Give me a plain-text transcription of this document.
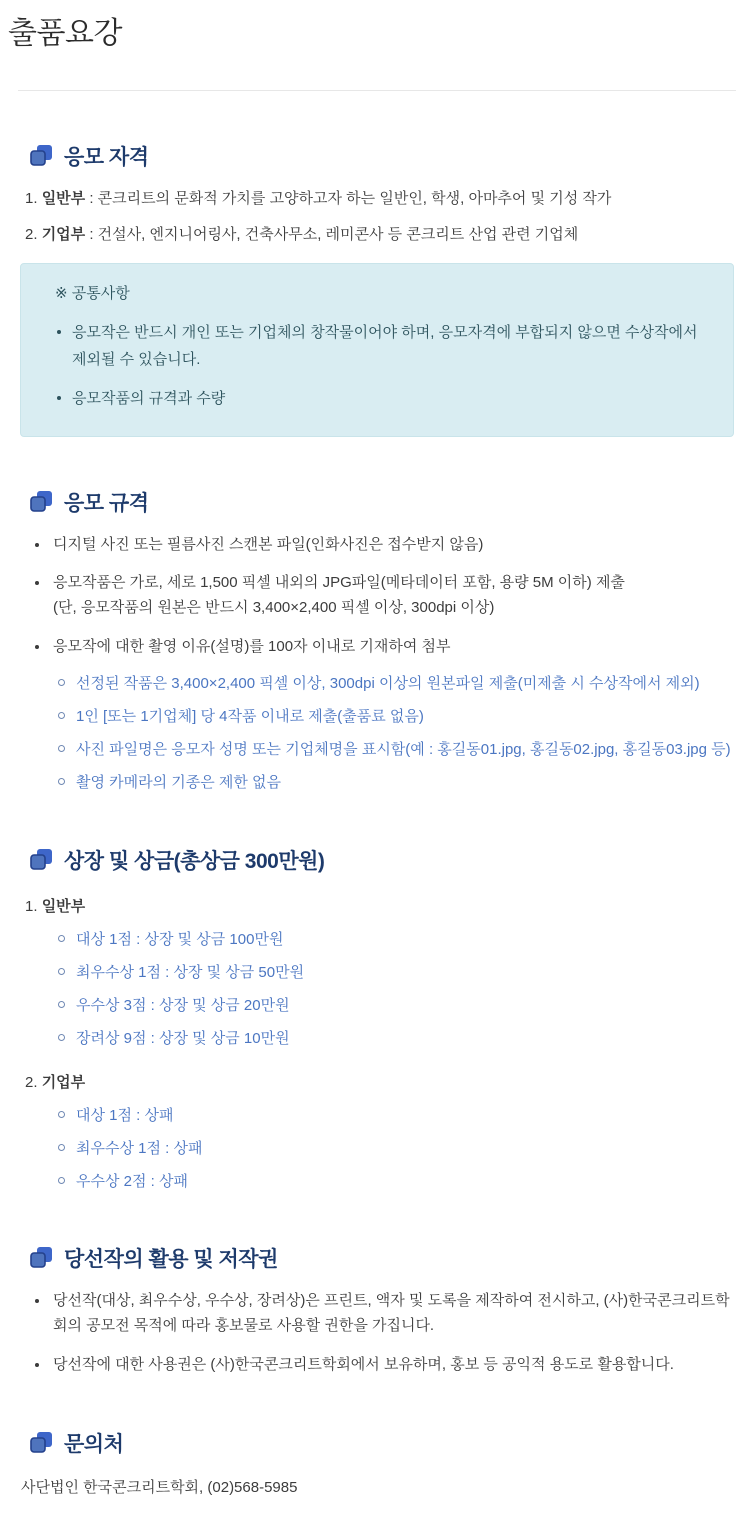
출품요강
응모 자격
1. 일반부 : 콘크리트의 문화적 가치를 고양하고자 하는 일반인, 학생, 아마추어 및 기성 작가
2. 기업부 : 건설사, 엔지니어링사, 건축사무소, 레미콘사 등 콘크리트 산업 관련 기업체
※ 공통사항
응모작은 반드시 개인 또는 기업체의 창작물이어야 하며, 응모자격에 부합되지 않으면 수상작에서 제외될 수 있습니다.
응모작품의 규격과 수량
응모 규격
디지털 사진 또는 필름사진 스캔본 파일(인화사진은 접수받지 않음)
응모작품은 가로, 세로 1,500 픽셀 내외의 JPG파일(메타데이터 포함, 용량 5M 이하) 제출
(단, 응모작품의 원본은 반드시 3,400×2,400 픽셀 이상, 300dpi 이상)
응모작에 대한 촬영 이유(설명)를 100자 이내로 기재하여 첨부
선정된 작품은 3,400×2,400 픽셀 이상, 300dpi 이상의 원본파일 제출(미제출 시 수상작에서 제외)
1인 [또는 1기업체] 당 4작품 이내로 제출(출품료 없음)
사진 파일명은 응모자 성명 또는 기업체명을 표시함(예 : 홍길동01.jpg, 홍길동02.jpg, 홍길동03.jpg 등)
촬영 카메라의 기종은 제한 없음
상장 및 상금(총상금 300만원)
1. 일반부
대상 1점 : 상장 및 상금 100만원
최우수상 1점 : 상장 및 상금 50만원
우수상 3점 : 상장 및 상금 20만원
장려상 9점 : 상장 및 상금 10만원
2. 기업부
대상 1점 : 상패
최우수상 1점 : 상패
우수상 2점 : 상패
당선작의 활용 및 저작권
당선작(대상, 최우수상, 우수상, 장려상)은 프린트, 액자 및 도록을 제작하여 전시하고, (사)한국콘크리트학회의 공모전 목적에 따라 홍보물로 사용할 권한을 가집니다.
당선작에 대한 사용권은 (사)한국콘크리트학회에서 보유하며, 홍보 등 공익적 용도로 활용합니다.
문의처
사단법인 한국콘크리트학회, (02)568-5985
